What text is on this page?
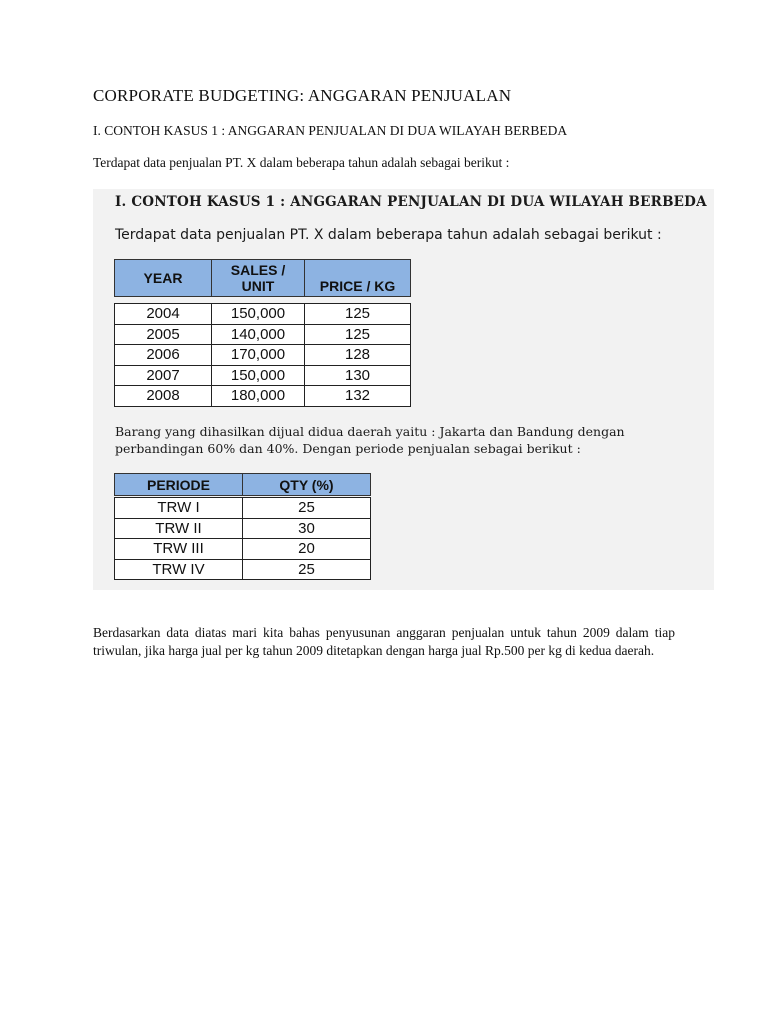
CORPORATE BUDGETING: ANGGARAN PENJUALAN
I. CONTOH KASUS 1 : ANGGARAN PENJUALAN DI DUA WILAYAH BERBEDA
Terdapat data penjualan PT. X dalam beberapa tahun adalah sebagai berikut :
I. CONTOH KASUS 1 : ANGGARAN PENJUALAN DI DUA WILAYAH BERBEDA
Terdapat data penjualan PT. X dalam beberapa tahun adalah sebagai berikut :
YEAR	SALES / UNIT	PRICE / KG

2004	150,000	125
2005	140,000	125
2006	170,000	128
2007	150,000	130
2008	180,000	132
Barang yang dihasilkan dijual didua daerah yaitu : Jakarta dan Bandung dengan perbandingan 60% dan 40%. Dengan periode penjualan sebagai berikut :
PERIODE	QTY (%)

TRW I	25
TRW II	30
TRW III	20
TRW IV	25
Berdasarkan data diatas mari kita bahas penyusunan anggaran penjualan untuk tahun 2009 dalam tiap triwulan, jika harga jual per kg tahun 2009 ditetapkan dengan harga jual Rp.500 per kg di kedua daerah.
